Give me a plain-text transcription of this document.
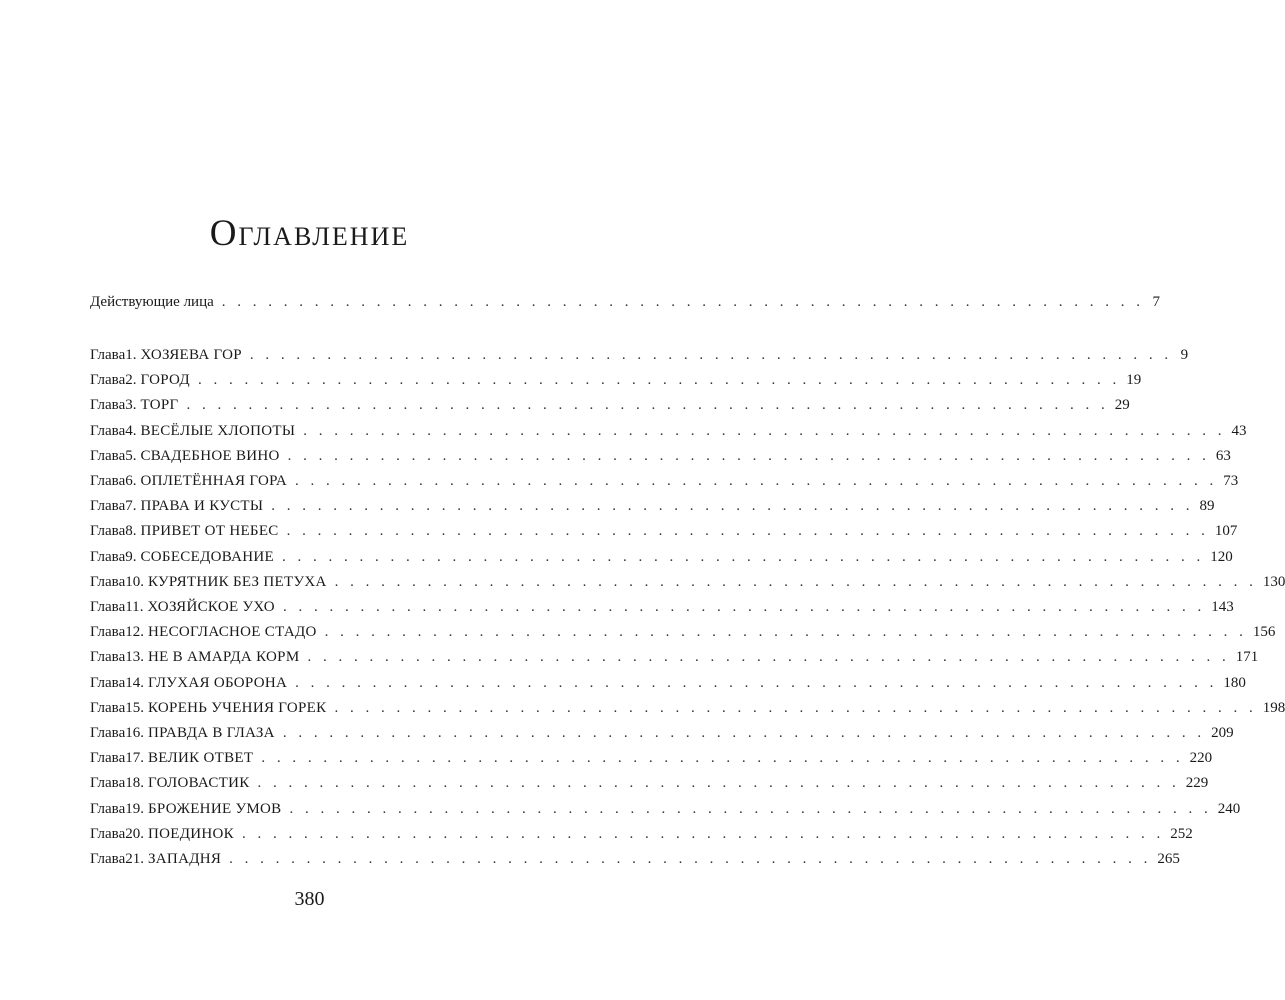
Оглавление
Действующие лица . . . . . . . . . . . . . . . . . . . . . . . . . . . . . . . . . . . . . . . . . . . . . . . . . . . . . . . . . . . . 7
Глава 1 . ХОЗЯЕВА ГОР . . . . . . . . . . . . . . . . . . . . . . . . . . . . . . . . . . . . . . . . . . . . . . . . . . . . . . . . . . . . 9
Глава 2 . ГОРОД . . . . . . . . . . . . . . . . . . . . . . . . . . . . . . . . . . . . . . . . . . . . . . . . . . . . . . . . . . . . 19
Глава 3 . ТОРГ . . . . . . . . . . . . . . . . . . . . . . . . . . . . . . . . . . . . . . . . . . . . . . . . . . . . . . . . . . . . 29
Глава 4 . ВЕСЁЛЫЕ ХЛОПОТЫ . . . . . . . . . . . . . . . . . . . . . . . . . . . . . . . . . . . . . . . . . . . . . . . . . . . . . . . . . . . . 43
Глава 5 . СВАДЕБНОЕ ВИНО . . . . . . . . . . . . . . . . . . . . . . . . . . . . . . . . . . . . . . . . . . . . . . . . . . . . . . . . . . . . 63
Глава 6 . ОПЛЕТЁННАЯ ГОРА . . . . . . . . . . . . . . . . . . . . . . . . . . . . . . . . . . . . . . . . . . . . . . . . . . . . . . . . . . . . 73
Глава 7 . ПРАВА И КУСТЫ . . . . . . . . . . . . . . . . . . . . . . . . . . . . . . . . . . . . . . . . . . . . . . . . . . . . . . . . . . . . 89
Глава 8 . ПРИВЕТ ОТ НЕБЕС . . . . . . . . . . . . . . . . . . . . . . . . . . . . . . . . . . . . . . . . . . . . . . . . . . . . . . . . . . . . 107
Глава 9 . СОБЕСЕДОВАНИЕ . . . . . . . . . . . . . . . . . . . . . . . . . . . . . . . . . . . . . . . . . . . . . . . . . . . . . . . . . . . . 120
Глава 10 . КУРЯТНИК БЕЗ ПЕТУХА . . . . . . . . . . . . . . . . . . . . . . . . . . . . . . . . . . . . . . . . . . . . . . . . . . . . . . . . . . . . 130
Глава 11 . ХОЗЯЙСКОЕ УХО . . . . . . . . . . . . . . . . . . . . . . . . . . . . . . . . . . . . . . . . . . . . . . . . . . . . . . . . . . . . 143
Глава 12 . НЕСОГЛАСНОЕ СТАДО . . . . . . . . . . . . . . . . . . . . . . . . . . . . . . . . . . . . . . . . . . . . . . . . . . . . . . . . . . . . 156
Глава 13 . НЕ В АМАРДА КОРМ . . . . . . . . . . . . . . . . . . . . . . . . . . . . . . . . . . . . . . . . . . . . . . . . . . . . . . . . . . . . 171
Глава 14 . ГЛУХАЯ ОБОРОНА . . . . . . . . . . . . . . . . . . . . . . . . . . . . . . . . . . . . . . . . . . . . . . . . . . . . . . . . . . . . 180
Глава 15 . КОРЕНЬ УЧЕНИЯ ГОРЕК . . . . . . . . . . . . . . . . . . . . . . . . . . . . . . . . . . . . . . . . . . . . . . . . . . . . . . . . . . . . 198
Глава 16 . ПРАВДА В ГЛАЗА . . . . . . . . . . . . . . . . . . . . . . . . . . . . . . . . . . . . . . . . . . . . . . . . . . . . . . . . . . . . 209
Глава 17 . ВЕЛИК ОТВЕТ . . . . . . . . . . . . . . . . . . . . . . . . . . . . . . . . . . . . . . . . . . . . . . . . . . . . . . . . . . . . 220
Глава 18 . ГОЛОВАСТИК . . . . . . . . . . . . . . . . . . . . . . . . . . . . . . . . . . . . . . . . . . . . . . . . . . . . . . . . . . . . 229
Глава 19 . БРОЖЕНИЕ УМОВ . . . . . . . . . . . . . . . . . . . . . . . . . . . . . . . . . . . . . . . . . . . . . . . . . . . . . . . . . . . . 240
Глава 20 . ПОЕДИНОК . . . . . . . . . . . . . . . . . . . . . . . . . . . . . . . . . . . . . . . . . . . . . . . . . . . . . . . . . . . . 252
Глава 21 . ЗАПАДНЯ . . . . . . . . . . . . . . . . . . . . . . . . . . . . . . . . . . . . . . . . . . . . . . . . . . . . . . . . . . . . 265
380
